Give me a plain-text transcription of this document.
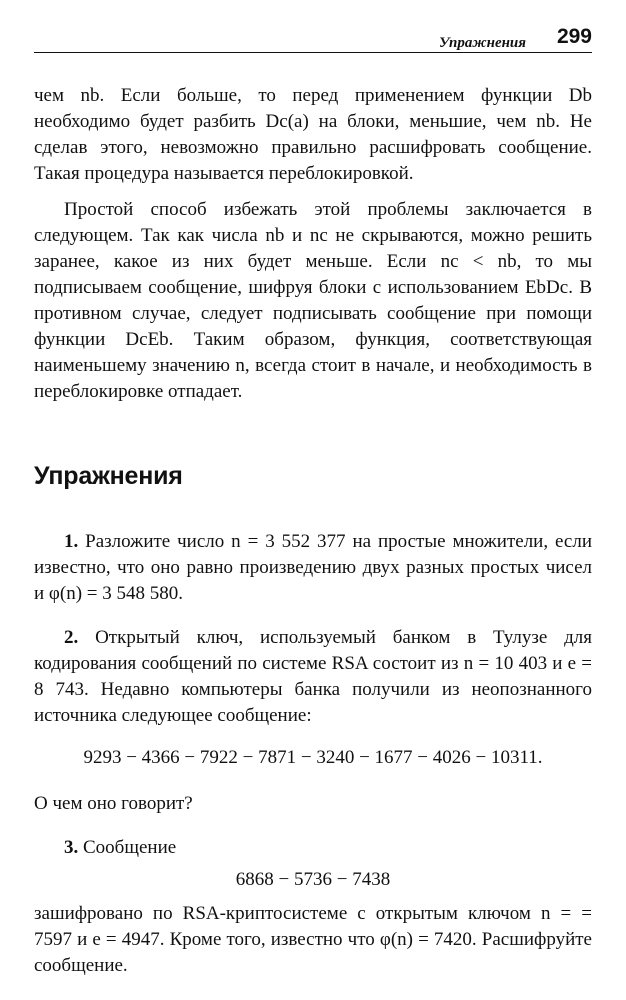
Упражнения 299

чем nb. Если больше, то перед применением функции Db необходимо будет разбить Dc(a) на блоки, меньшие, чем nb. Не сделав этого, невозможно правильно расшифровать сообщение. Такая процедура называется переблокировкой.

Простой способ избежать этой проблемы заключается в следующем. Так как числа nb и nc не скрываются, можно решить заранее, какое из них будет меньше. Если nc < nb, то мы подписываем сообщение, шифруя блоки с использованием EbDc. В противном случае, следует подписывать сообщение при помощи функции DcEb. Таким образом, функция, соответствующая наименьшему значению n, всегда стоит в начале, и необходимость в переблокировке отпадает.

Упражнения

1. Разложите число n = 3 552 377 на простые множители, если известно, что оно равно произведению двух разных простых чисел и φ(n) = 3 548 580.

2. Открытый ключ, используемый банком в Тулузе для кодирования сообщений по системе RSA состоит из n = 10 403 и e = 8 743. Недавно компьютеры банка получили из неопознанного источника следующее сообщение:

9293 − 4366 − 7922 − 7871 − 3240 − 1677 − 4026 − 10311.

О чем оно говорит?

3. Сообщение

6868 − 5736 − 7438

зашифровано по RSA-криптосистеме с открытым ключом n = = 7597 и e = 4947. Кроме того, известно что φ(n) = 7420. Расшифруйте сообщение.
